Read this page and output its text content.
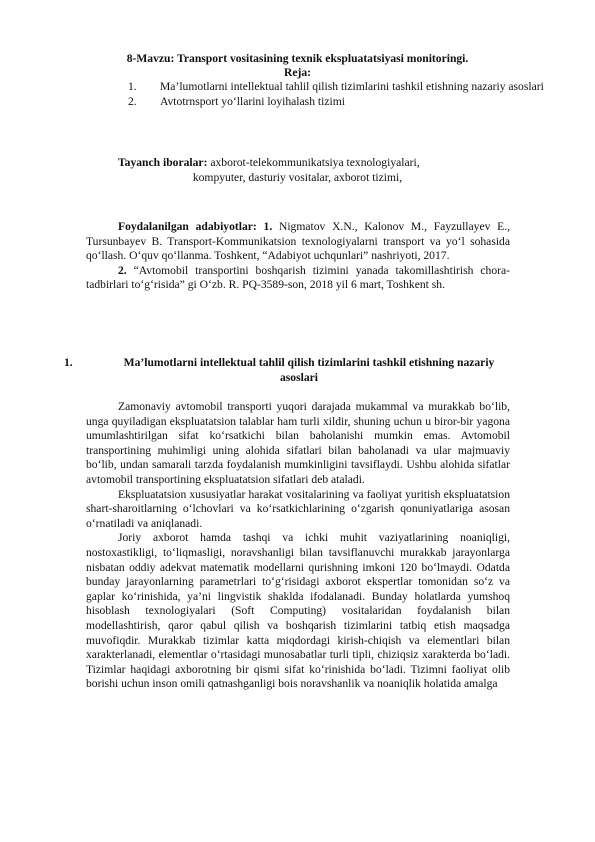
8-Mavzu: Transport vositasining texnik ekspluatatsiyasi monitoringi.
Reja:
1. Ma’lumotlarni intellektual tahlil qilish tizimlarini tashkil etishning nazariy asoslari
2. Avtotrnsport yo‘llarini loyihalash tizimi
Tayanch iboralar: axborot-telekommunikatsiya texnologiyalari,
kompyuter, dasturiy vositalar, axborot tizimi,

Foydalanilgan adabiyotlar: 1. Nigmatov X.N., Kalonov M., Fayzullayev E., Tursunbayev B. Transport-Kommunikatsion texnologiyalarni transport va yo‘l sohasida qo‘llash. O‘quv qo‘llanma. Toshkent, “Adabiyot uchqunlari” nashriyoti, 2017.

2. “Avtomobil transportini boshqarish tizimini yanada takomillashtirish chora-tadbirlari to‘g‘risida” gi O‘zb. R. PQ-3589-son, 2018 yil 6 mart, Toshkent sh.

1.	Ma’lumotlarni intellektual tahlil qilish tizimlarini tashkil etishning nazariy
asoslari

Zamonaviy avtomobil transporti yuqori darajada mukammal va murakkab bo‘lib, unga quyiladigan ekspluatatsion talablar ham turli xildir, shuning uchun u biror-bir yagona umumlashtirilgan sifat ko‘rsatkichi bilan baholanishi mumkin emas. Avtomobil transportining muhimligi uning alohida sifatlari bilan baholanadi va ular majmuaviy bo‘lib, undan samarali tarzda foydalanish mumkinligini tavsiflaydi. Ushbu alohida sifatlar avtomobil transportining ekspluatatsion sifatlari deb ataladi.

Ekspluatatsion xususiyatlar harakat vositalarining va faoliyat yuritish ekspluatatsion shart-sharoitlarning o‘lchovlari va ko‘rsatkichlarining o‘zgarish qonuniyatlariga asosan o‘rnatiladi va aniqlanadi.

Joriy axborot hamda tashqi va ichki muhit vaziyatlarining noaniqligi, nostoxastikligi, to‘liqmasligi, noravshanligi bilan tavsiflanuvchi murakkab jarayonlarga nisbatan oddiy adekvat matematik modellarni qurishning imkoni 120 bo‘lmaydi. Odatda bunday jarayonlarning parametrlari to‘g‘risidagi axborot ekspertlar tomonidan so‘z va gaplar ko‘rinishida, ya’ni lingvistik shaklda ifodalanadi. Bunday holatlarda yumshoq hisoblash texnologiyalari (Soft Computing) vositalaridan foydalanish bilan modellashtirish, qaror qabul qilish va boshqarish tizimlarini tatbiq etish maqsadga muvofiqdir. Murakkab tizimlar katta miqdordagi kirish-chiqish va elementlari bilan xarakterlanadi, elementlar o‘rtasidagi munosabatlar turli tipli, chiziqsiz xarakterda bo‘ladi. Tizimlar haqidagi axborotning bir qismi sifat ko‘rinishida bo‘ladi. Tizimni faoliyat olib borishi uchun inson omili qatnashganligi bois noravshanlik va noaniqlik holatida amalga
